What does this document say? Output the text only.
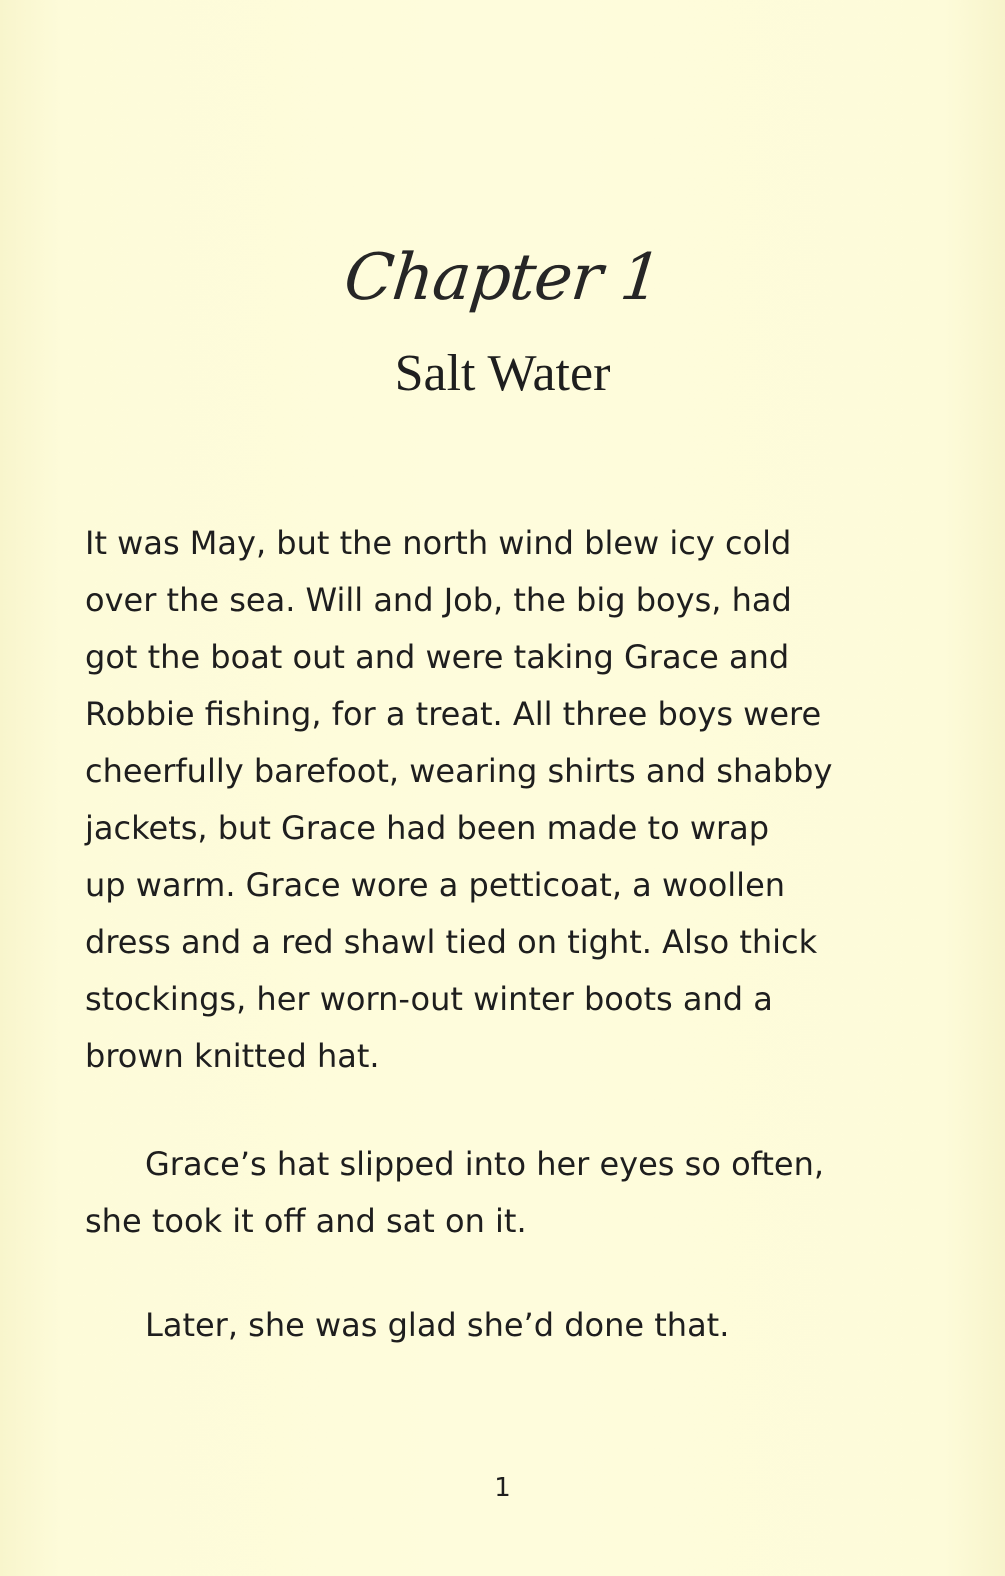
Chapter 1
Salt Water
It was May, but the north wind blew icy cold
over the sea. Will and Job, the big boys, had
got the boat out and were taking Grace and
Robbie fishing, for a treat. All three boys were
cheerfully barefoot, wearing shirts and shabby
jackets, but Grace had been made to wrap
up warm. Grace wore a petticoat, a woollen
dress and a red shawl tied on tight. Also thick
stockings, her worn-out winter boots and a
brown knitted hat.
Grace’s hat slipped into her eyes so often,
she took it off and sat on it.
Later, she was glad she’d done that.
1
